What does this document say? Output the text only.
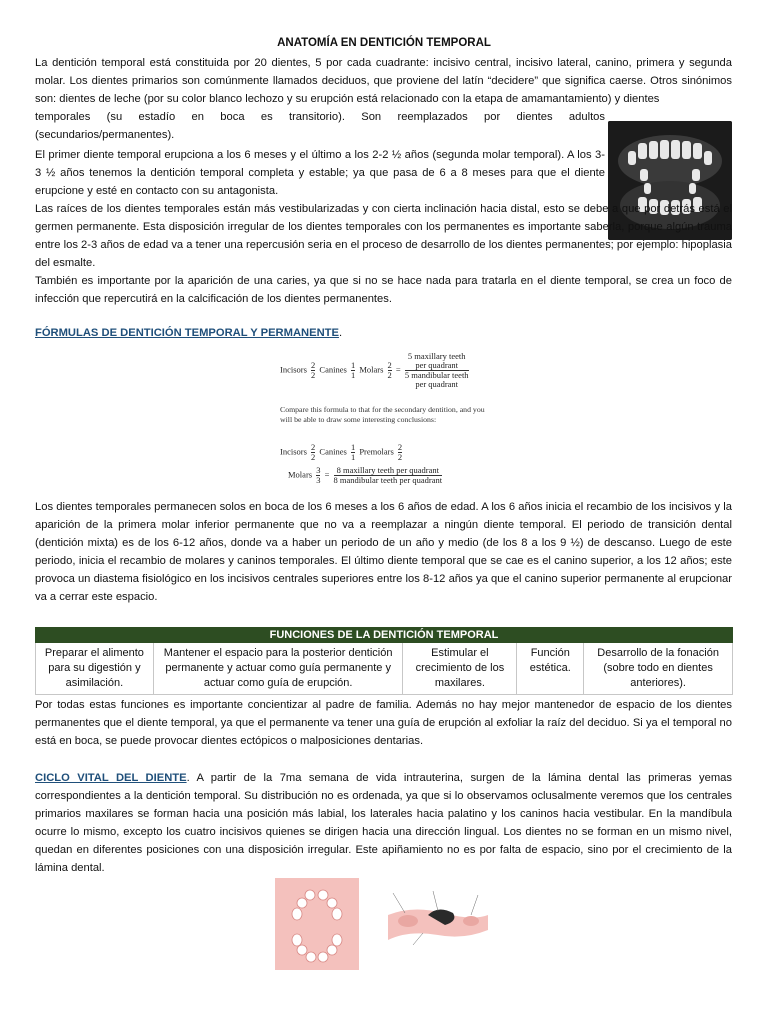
ANATOMÍA EN DENTICIÓN TEMPORAL

La dentición temporal está constituida por 20 dientes, 5 por cada cuadrante: incisivo central, incisivo lateral, canino, primera y segunda molar. Los dientes primarios son comúnmente llamados deciduos, que proviene del latín “decidere” que significa caerse. Otros sinónimos son: dientes de leche (por su color blanco lechozo y su erupción está relacionado con la etapa de amamantamiento) y dientes

temporales (su estadío en boca es transitorio). Son reemplazados por dientes adultos

(secundarios/permanentes).

El primer diente temporal erupciona a los 6 meses y el último a los 2-2 ½ años (segunda molar temporal). A los 3- 3 ½ años tenemos la dentición temporal completa y estable; ya que pasa de 6 a 8 meses para que el diente erupcione y esté en contacto con su antagonista.

Las raíces de los dientes temporales están más vestibularizadas y con cierta inclinación hacia distal, esto se debe a que por detrás está el germen permanente. Esta disposición irregular de los dientes temporales con los permanentes es importante saberla, porque algún trauma entre los 2-3 años de edad va a tener una repercusión seria en el proceso de desarrollo de los dientes permanentes; por ejemplo: hipoplasia del esmalte.

También es importante por la aparición de una caries, ya que si no se hace nada para tratarla en el diente temporal, se crea un foco de infección que repercutirá en la calcificación de los dientes permanentes.

FÓRMULAS DE DENTICIÓN TEMPORAL Y PERMANENTE.
Incisors $\frac{2}{2}$ Canines $\frac{1}{1}$ Molars $\frac{2}{2}$ =
5 maxillary teeth
per quadrant
5 mandibular teeth
per quadrant
Compare this formula to that for the secondary dentition, and you will be able to draw some interesting conclusions:
Incisors $\frac{2}{2}$ Canines $\frac{1}{1}$ Premolars $\frac{2}{2}$
Molars $\frac{3}{3} = \frac{\text{8 maxillary teeth per quadrant}}{\text{8 mandibular teeth per quadrant}}$

Los dientes temporales permanecen solos en boca de los 6 meses a los 6 años de edad. A los 6 años inicia el recambio de los incisivos y la aparición de la primera molar inferior permanente que no va a reemplazar a ningún diente temporal. El periodo de transición dental (dentición mixta) es de los 6-12 años, donde va a haber un periodo de un año y medio (de los 8 a los 9 ½) de descanso. Luego de este periodo, inicia el recambio de molares y caninos temporales. El último diente temporal que se cae es el canino superior, a los 12 años; este provoca un diastema fisiológico en los incisivos centrales superiores entre los 8-12 años ya que el canino superior permanente al erupcionar va a cerrar este espacio.

FUNCIONES DE LA DENTICIÓN TEMPORAL
Preparar el alimento para su digestión y asimilación.
Mantener el espacio para la posterior dentición permanente y actuar como guía permanente y actuar como guía de erupción.
Estimular el crecimiento de los maxilares.
Función estética.
Desarrollo de la fonación (sobre todo en dientes anteriores).

Por todas estas funciones es importante concientizar al padre de familia. Además no hay mejor mantenedor de espacio de los dientes permanentes que el diente temporal, ya que el permanente va tener una guía de erupción al exfoliar la raíz del deciduo. Si ya el temporal no está en boca, se puede provocar dientes ectópicos o malposiciones dentarias.

CICLO VITAL DEL DIENTE. A partir de la 7ma semana de vida intrauterina, surgen de la lámina dental las primeras yemas correspondientes a la dentición temporal. Su distribución no es ordenada, ya que si lo observamos oclusalmente veremos que los centrales primarios maxilares se forman hacia una posición más labial, los laterales hacia palatino y los caninos hacia vestibular. En la mandíbula ocurre lo mismo, excepto los cuatro incisivos quienes se dirigen hacia una dirección lingual. Los dientes no se forman en un mismo nivel, quedan en diferentes posiciones con una disposición irregular. Este apiñamiento no es por falta de espacio, sino por el crecimiento de la lámina dental.
